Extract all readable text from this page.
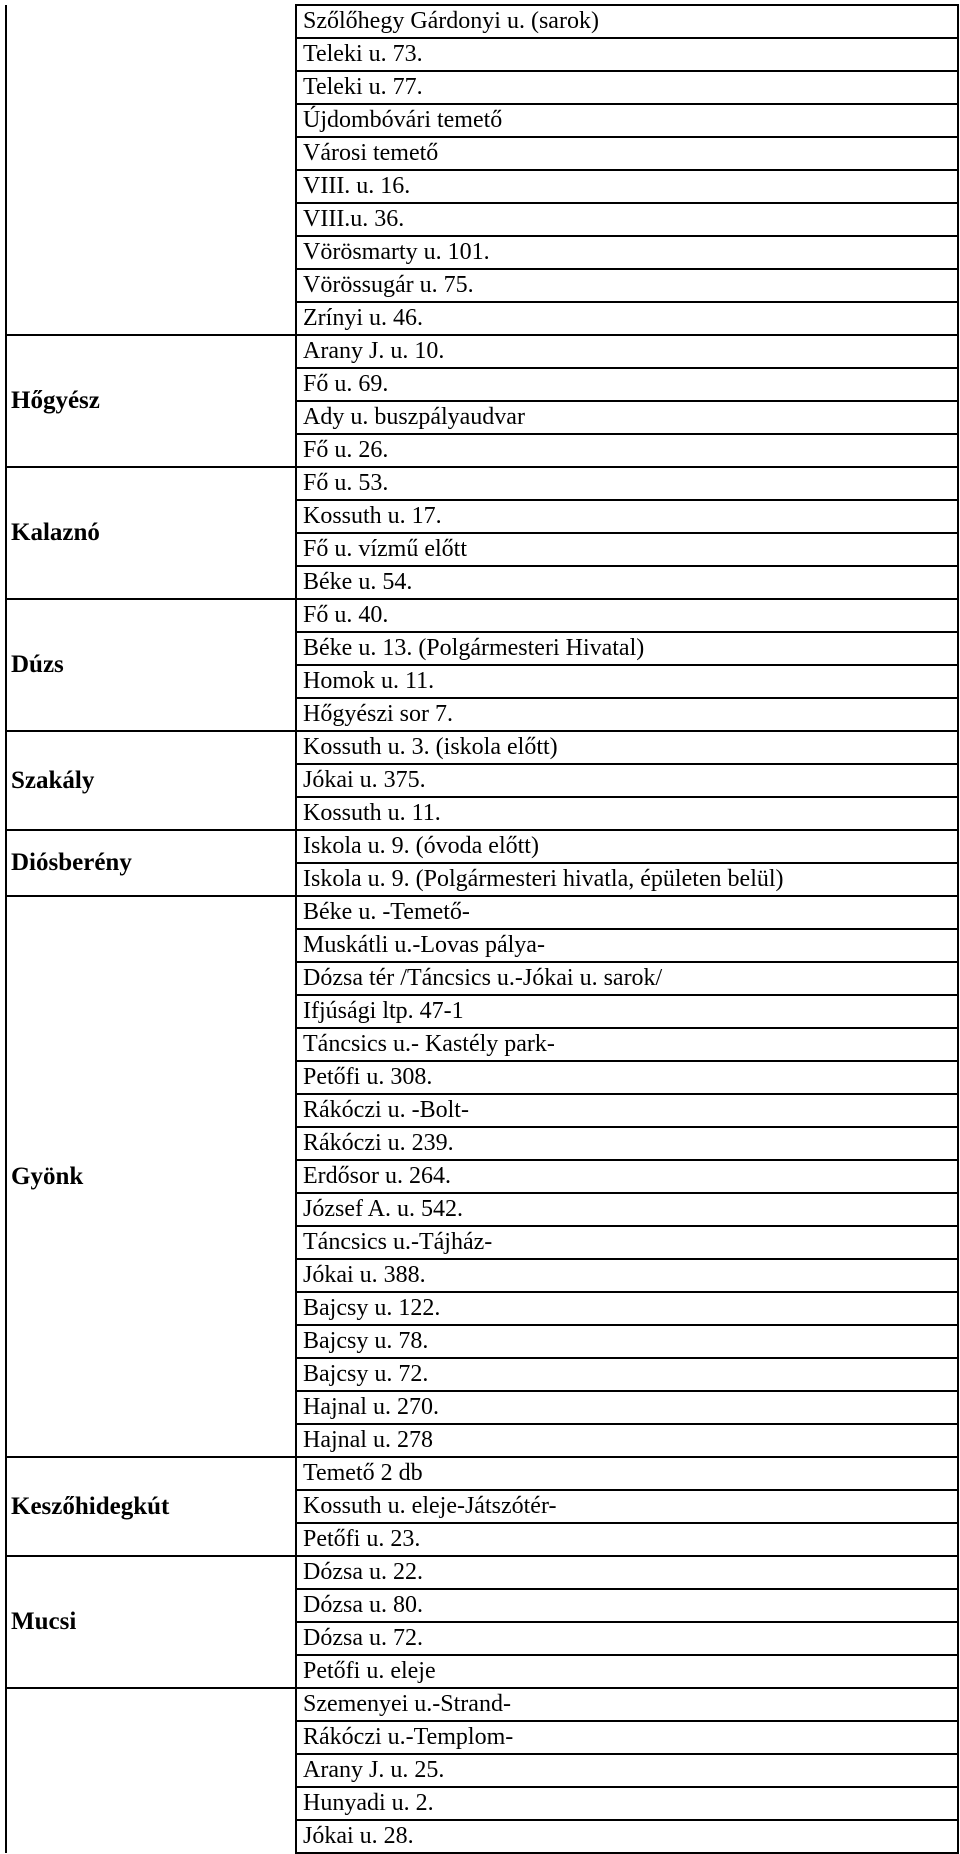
	Szőlőhegy Gárdonyi u. (sarok)
	Teleki u. 73.
	Teleki u. 77.
	Újdombóvári temető
	Városi temető
	VIII. u. 16.
	VIII.u. 36.
	Vörösmarty u. 101.
	Vörössugár u. 75.
	Zrínyi u. 46.
Hőgyész	Arany J. u. 10.
	Fő u. 69.
	Ady u. buszpályaudvar
	Fő u. 26.
Kalaznó	Fő u. 53.
	Kossuth u. 17.
	Fő u. vízmű előtt
	Béke u. 54.
Dúzs	Fő u. 40.
	Béke u. 13. (Polgármesteri Hivatal)
	Homok u. 11.
	Hőgyészi sor 7.
Szakály	Kossuth u. 3. (iskola előtt)
	Jókai u. 375.
	Kossuth u. 11.
Diósberény	Iskola u. 9. (óvoda előtt)
	Iskola u. 9. (Polgármesteri hivatla, épületen belül)
Gyönk	Béke u. -Temető-
	Muskátli u.-Lovas pálya-
	Dózsa tér /Táncsics u.-Jókai u. sarok/
	Ifjúsági ltp. 47-1
	Táncsics u.- Kastély park-
	Petőfi u. 308.
	Rákóczi u. -Bolt-
	Rákóczi u. 239.
	Erdősor u. 264.
	József A. u. 542.
	Táncsics u.-Tájház-
	Jókai u. 388.
	Bajcsy u. 122.
	Bajcsy u. 78.
	Bajcsy u. 72.
	Hajnal u. 270.
	Hajnal u. 278
Keszőhidegkút	Temető 2 db
	Kossuth u. eleje-Játszótér-
	Petőfi u. 23.
Mucsi	Dózsa u. 22.
	Dózsa u. 80.
	Dózsa u. 72.
	Petőfi u. eleje
	Szemenyei u.-Strand-
	Rákóczi u.-Templom-
	Arany J. u. 25.
	Hunyadi u. 2.
	Jókai u. 28.
